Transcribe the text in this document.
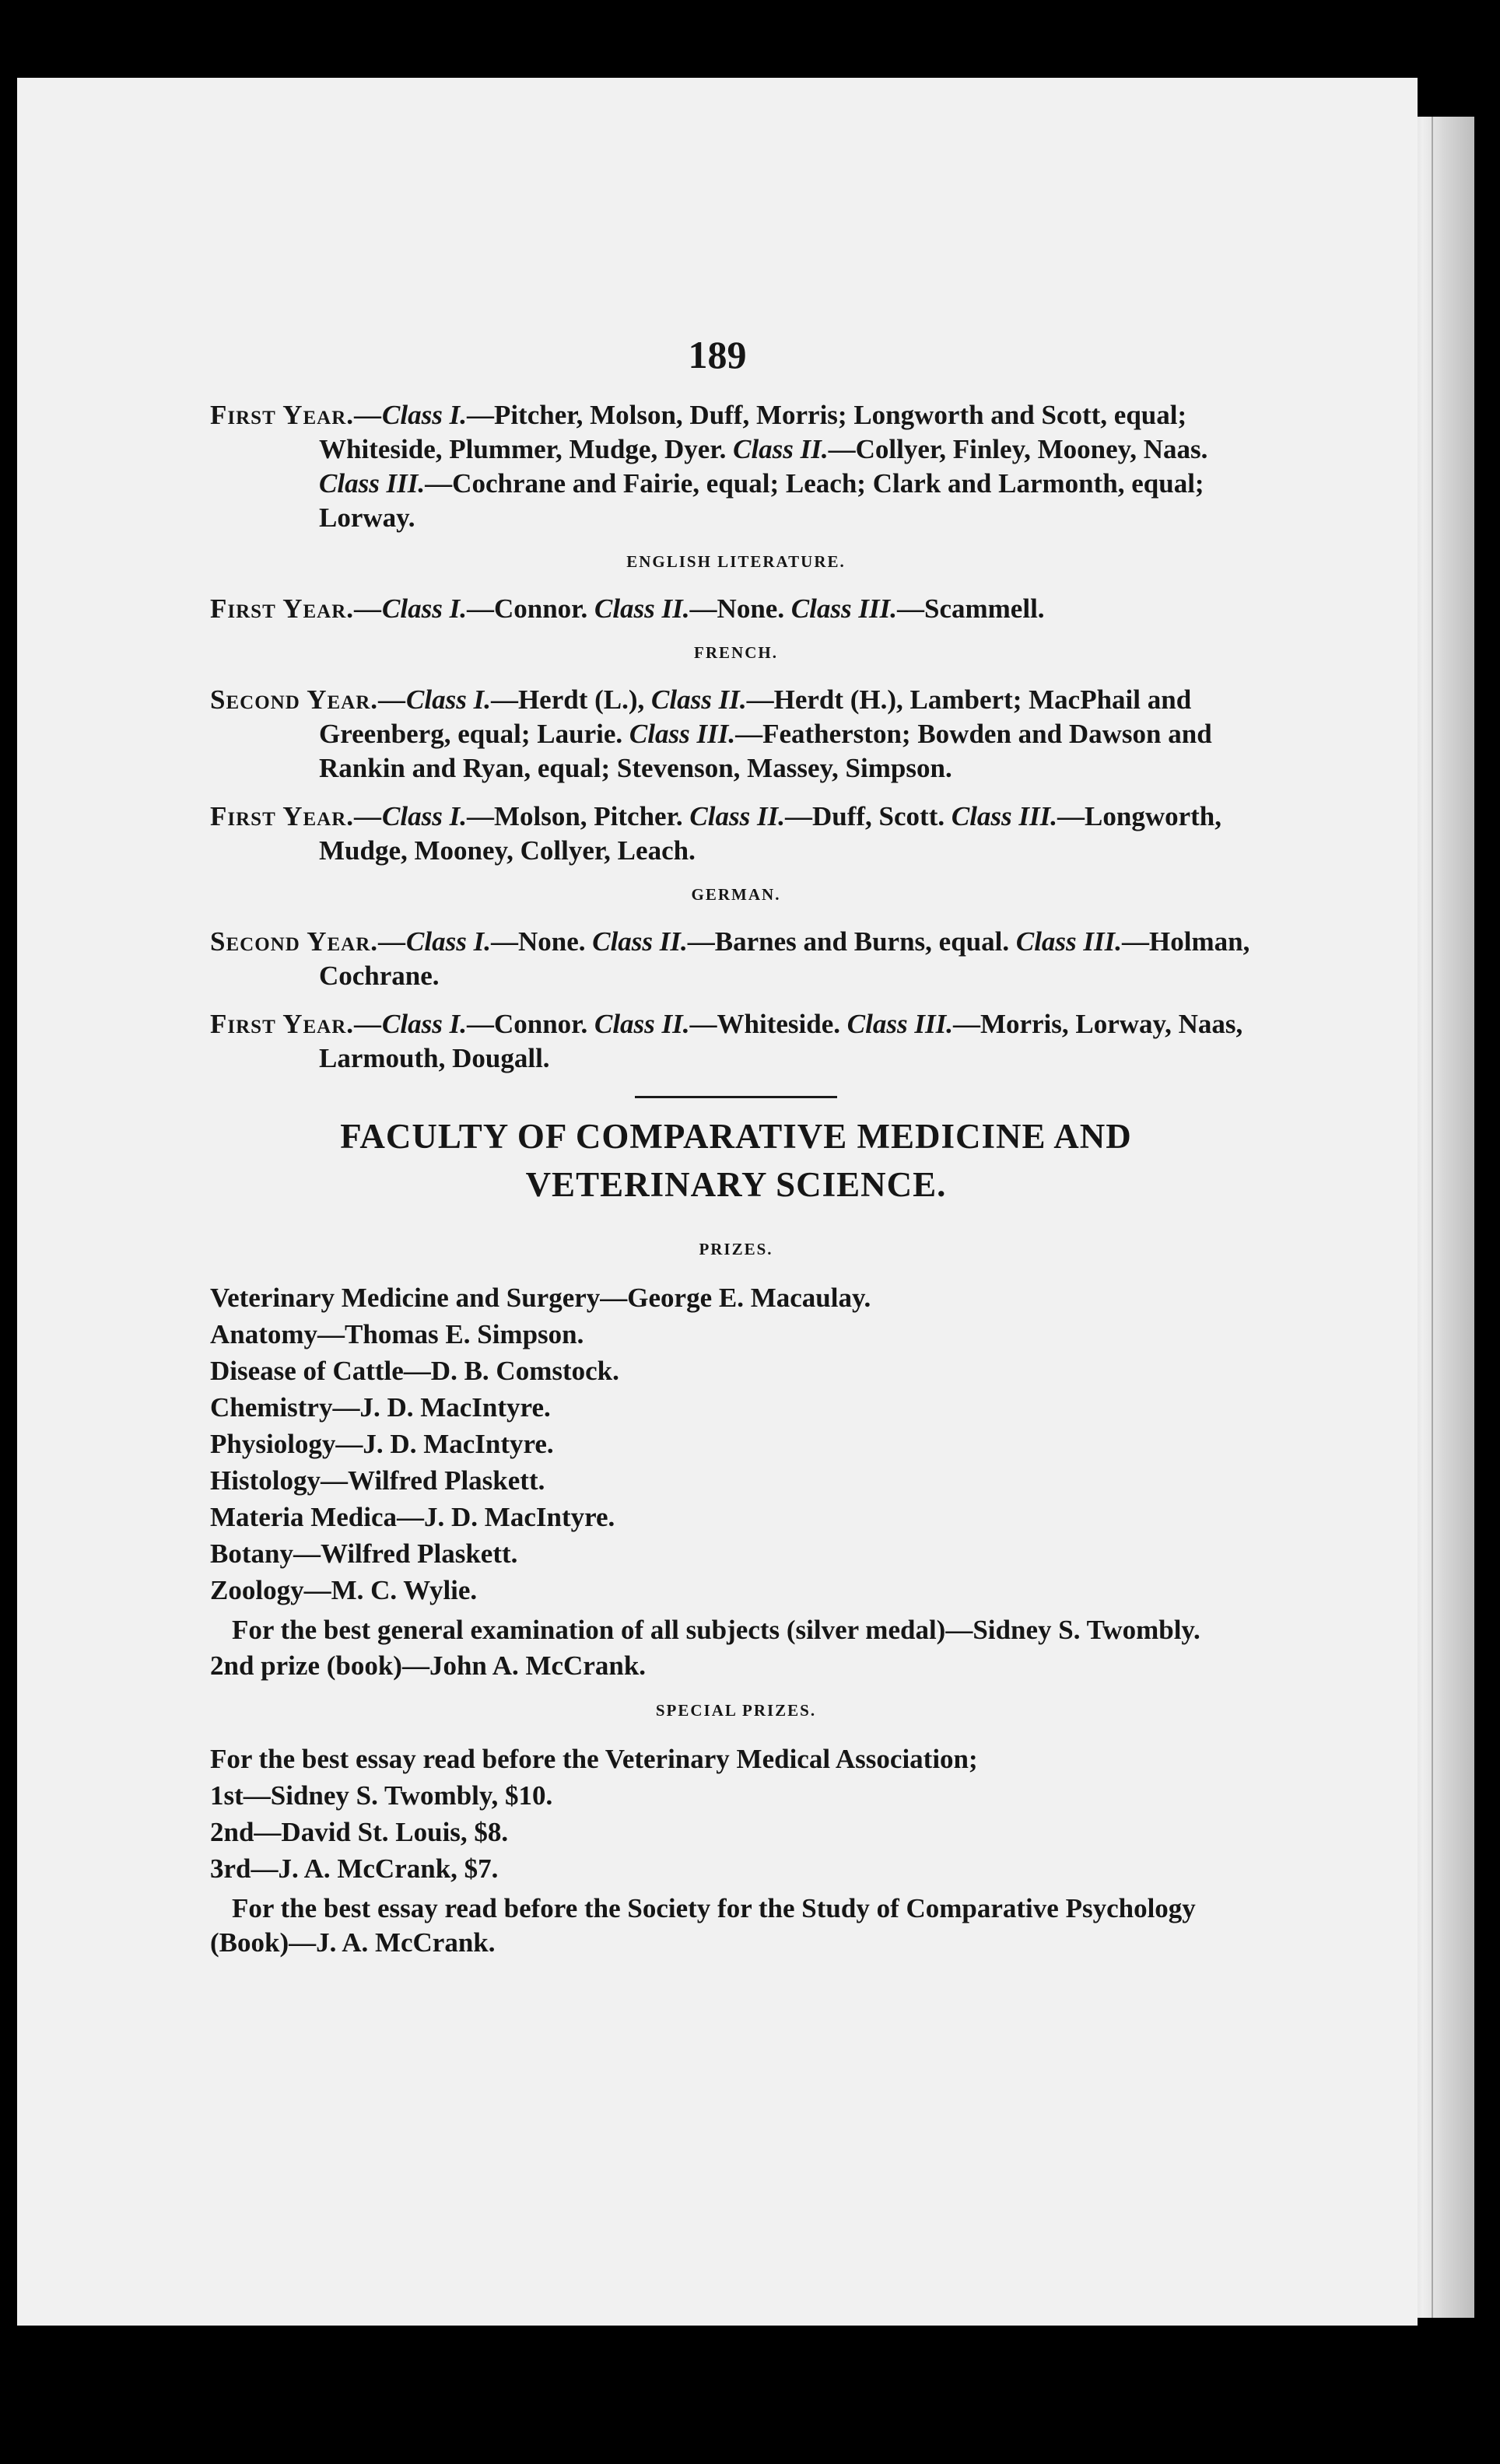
189

First Year.—Class I.—Pitcher, Molson, Duff, Morris; Longworth and Scott, equal; Whiteside, Plummer, Mudge, Dyer. Class II.—Collyer, Finley, Mooney, Naas. Class III.—Cochrane and Fairie, equal; Leach; Clark and Larmonth, equal; Lorway.

ENGLISH LITERATURE.

First Year.—Class I.—Connor. Class II.—None. Class III.—Scammell.

FRENCH.

Second Year.—Class I.—Herdt (L.), Class II.—Herdt (H.), Lambert; MacPhail and Greenberg, equal; Laurie. Class III.—Featherston; Bowden and Dawson and Rankin and Ryan, equal; Stevenson, Massey, Simpson.

First Year.—Class I.—Molson, Pitcher. Class II.—Duff, Scott. Class III.—Longworth, Mudge, Mooney, Collyer, Leach.

GERMAN.

Second Year.—Class I.—None. Class II.—Barnes and Burns, equal. Class III.—Holman, Cochrane.

First Year.—Class I.—Connor. Class II.—Whiteside. Class III.—Morris, Lorway, Naas, Larmouth, Dougall.

FACULTY OF COMPARATIVE MEDICINE AND
VETERINARY SCIENCE.

PRIZES.

Veterinary Medicine and Surgery—George E. Macaulay.

Anatomy—Thomas E. Simpson.

Disease of Cattle—D. B. Comstock.

Chemistry—J. D. MacIntyre.

Physiology—J. D. MacIntyre.

Histology—Wilfred Plaskett.

Materia Medica—J. D. MacIntyre.

Botany—Wilfred Plaskett.

Zoology—M. C. Wylie.

For the best general examination of all subjects (silver medal)—Sidney S. Twombly.

2nd prize (book)—John A. McCrank.

SPECIAL PRIZES.

For the best essay read before the Veterinary Medical Association;

1st—Sidney S. Twombly, $10.

2nd—David St. Louis, $8.

3rd—J. A. McCrank, $7.

For the best essay read before the Society for the Study of Comparative Psychology (Book)—J. A. McCrank.
